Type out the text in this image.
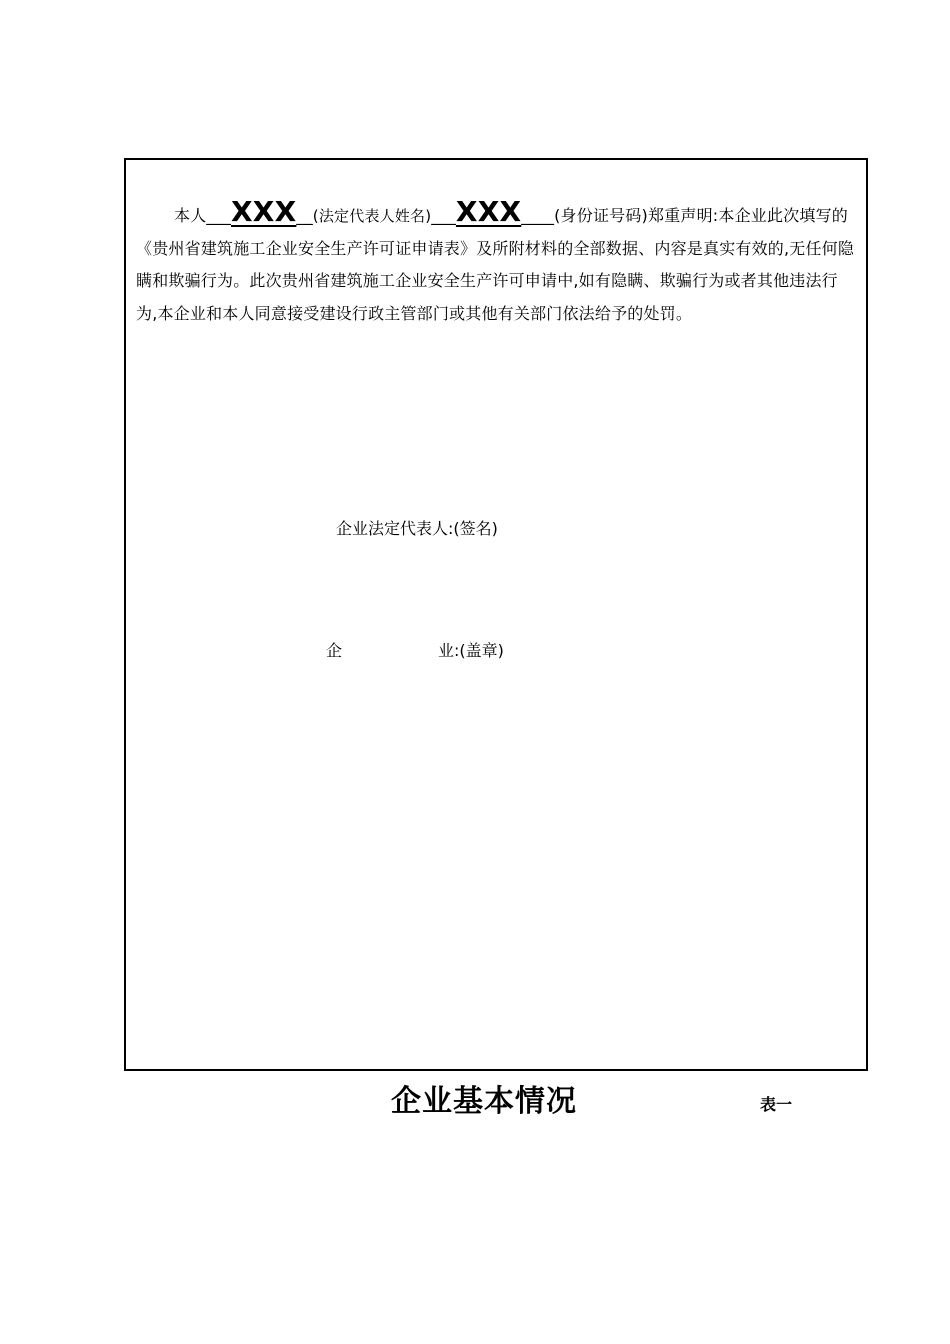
本人___XXX__(法定代表人姓名)___XXX____(身份证号码)郑重声明:本企业此次填写的《贵州省建筑施工企业安全生产许可证申请表》及所附材料的全部数据、内容是真实有效的,无任何隐瞒和欺骗行为。此次贵州省建筑施工企业安全生产许可申请中,如有隐瞒、欺骗行为或者其他违法行为,本企业和本人同意接受建设行政主管部门或其他有关部门依法给予的处罚。

企业法定代表人:(签名)

企	业:(盖章)

企业基本情况	表一
